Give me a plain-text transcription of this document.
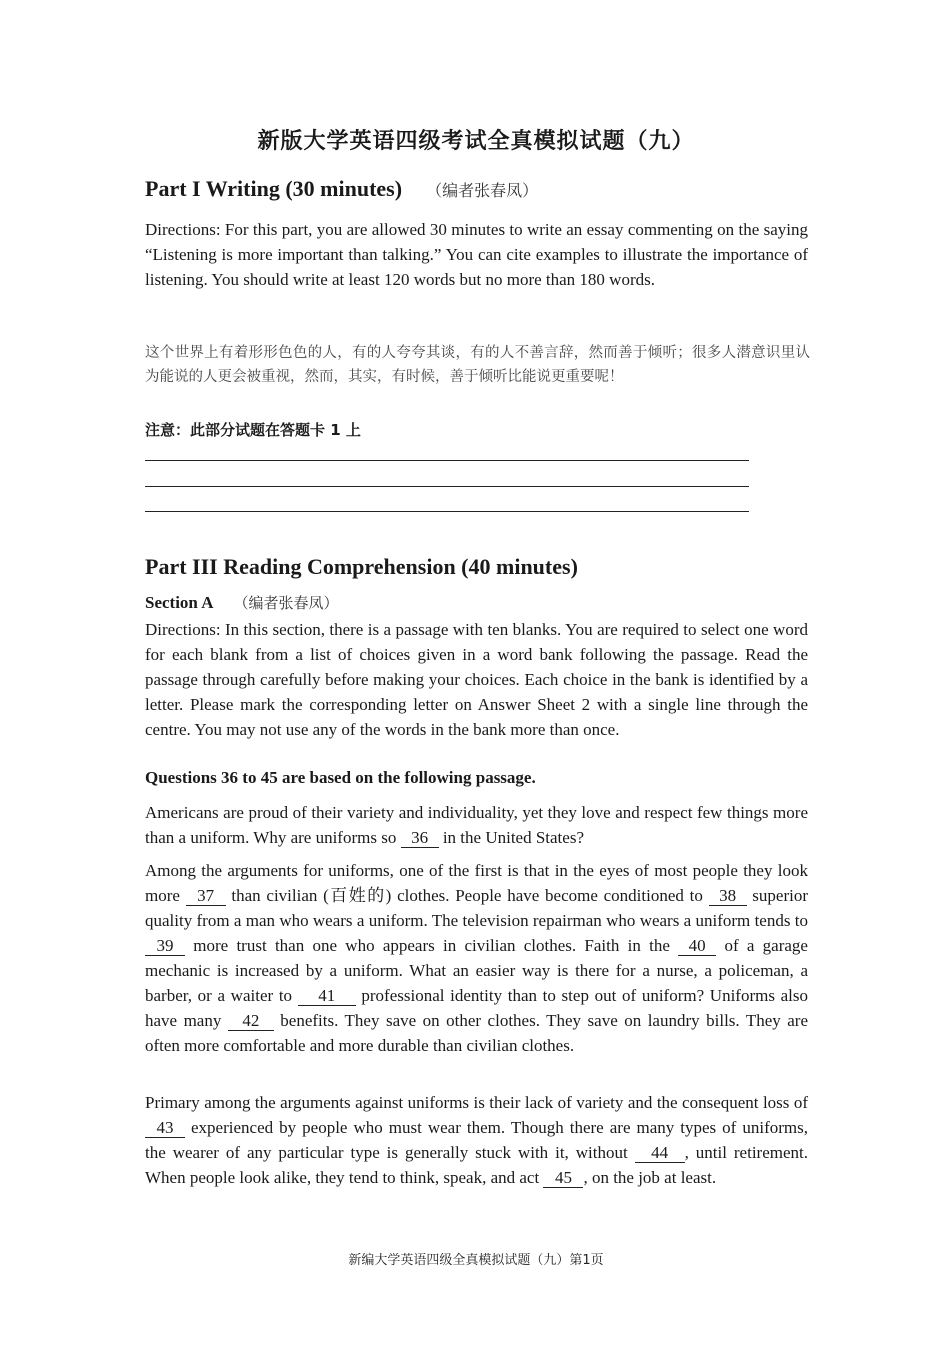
新版大学英语四级考试全真模拟试题（九）
Part I Writing (30 minutes) （编者张春凤）
Directions: For this part, you are allowed 30 minutes to write an essay commenting on the saying “Listening is more important than talking.” You can cite examples to illustrate the importance of listening. You should write at least 120 words but no more than 180 words.
这个世界上有着形形色色的人，有的人夸夸其谈，有的人不善言辞，然而善于倾听；很多人潜意识里认为能说的人更会被重视，然而，其实，有时候，善于倾听比能说更重要呢！
注意：此部分试题在答题卡 1 上
Part III Reading Comprehension (40 minutes)
Section A （编者张春凤）
Directions: In this section, there is a passage with ten blanks. You are required to select one word for each blank from a list of choices given in a word bank following the passage. Read the passage through carefully before making your choices. Each choice in the bank is identified by a letter. Please mark the corresponding letter on Answer Sheet 2 with a single line through the centre. You may not use any of the words in the bank more than once.
Questions 36 to 45 are based on the following passage.
Americans are proud of their variety and individuality, yet they love and respect few things more than a uniform. Why are uniforms so 36 in the United States?
Among the arguments for uniforms, one of the first is that in the eyes of most people they look more 37 than civilian (百姓的) clothes. People have become conditioned to 38 superior quality from a man who wears a uniform. The television repairman who wears a uniform tends to 39 more trust than one who appears in civilian clothes. Faith in the 40 of a garage mechanic is increased by a uniform. What an easier way is there for a nurse, a policeman, a barber, or a waiter to 41 professional identity than to step out of uniform? Uniforms also have many 42 benefits. They save on other clothes. They save on laundry bills. They are often more comfortable and more durable than civilian clothes.
Primary among the arguments against uniforms is their lack of variety and the consequent loss of 43 experienced by people who must wear them. Though there are many types of uniforms, the wearer of any particular type is generally stuck with it, without 44 , until retirement. When people look alike, they tend to think, speak, and act 45 , on the job at least.
新编大学英语四级全真模拟试题（九）第1页
